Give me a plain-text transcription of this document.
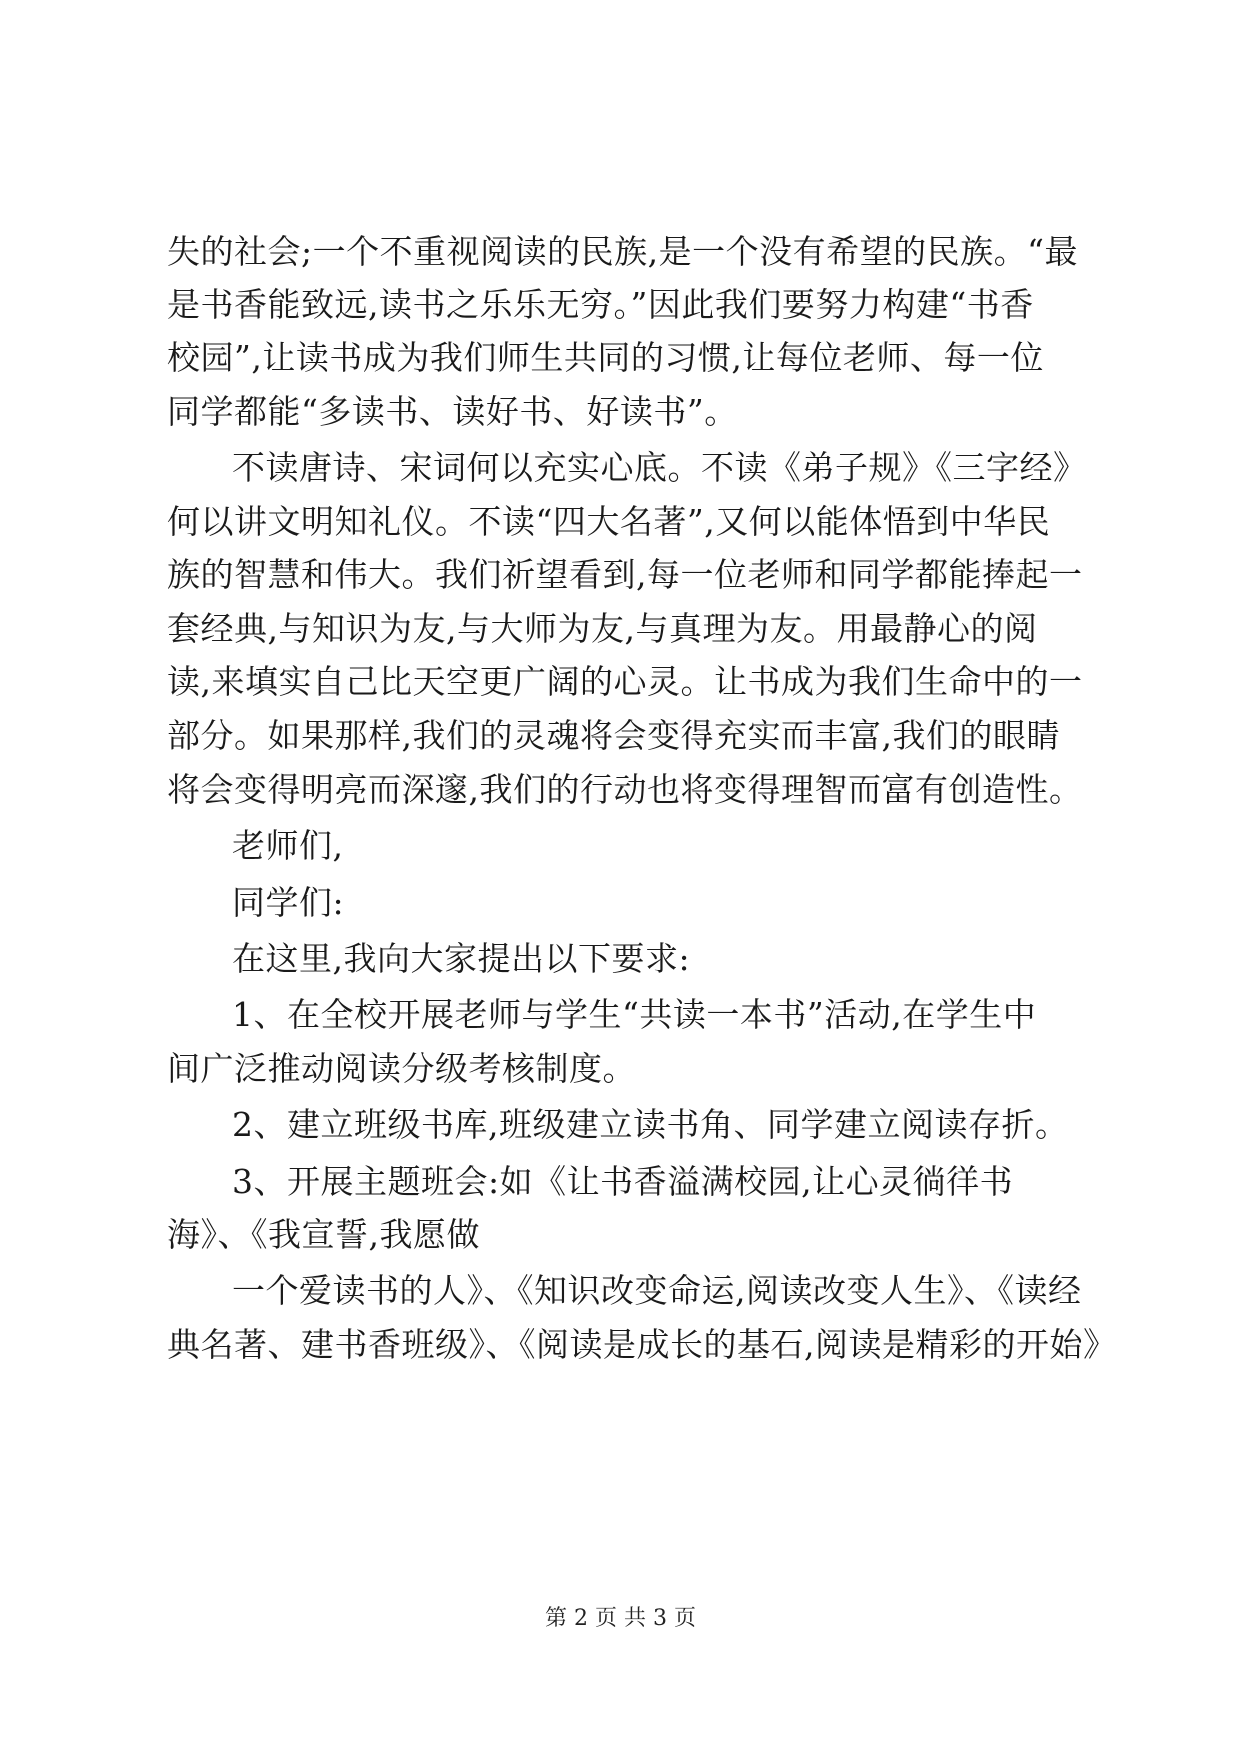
失的社会;一个不重视阅读的民族,是一个没有希望的民族。“最
是书香能致远,读书之乐乐无穷。”因此我们要努力构建“书香
校园”,让读书成为我们师生共同的习惯,让每位老师、每一位
同学都能“多读书、读好书、好读书”。
不读唐诗、宋词何以充实心底。不读《弟子规》《三字经》
何以讲文明知礼仪。不读“四大名著”,又何以能体悟到中华民
族的智慧和伟大。我们祈望看到,每一位老师和同学都能捧起一
套经典,与知识为友,与大师为友,与真理为友。用最静心的阅
读,来填实自己比天空更广阔的心灵。让书成为我们生命中的一
部分。如果那样,我们的灵魂将会变得充实而丰富,我们的眼睛
将会变得明亮而深邃,我们的行动也将变得理智而富有创造性。
老师们,
同学们:
在这里,我向大家提出以下要求:
1、在全校开展老师与学生“共读一本书”活动,在学生中
间广泛推动阅读分级考核制度。
2、建立班级书库,班级建立读书角、同学建立阅读存折。
3、开展主题班会:如《让书香溢满校园,让心灵徜徉书
海》、《我宣誓,我愿做
一个爱读书的人》、《知识改变命运,阅读改变人生》、《读经
典名著、建书香班级》、《阅读是成长的基石,阅读是精彩的开始》
第 2 页 共 3 页
